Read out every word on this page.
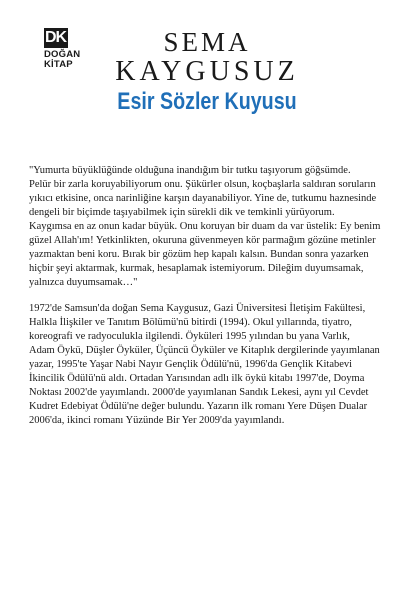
DK
DOĞAN
KİTAP
SEMA
KAYGUSUZ
Esir Sözler Kuyusu
"Yumurta büyüklüğünde olduğuna inandığım bir tutku taşıyorum göğsümde.
Pelür bir zarla koruyabiliyorum onu. Şükürler olsun, koçbaşlarla saldıran soruların
yıkıcı etkisine, onca narinliğine karşın dayanabiliyor. Yine de, tutkumu haznesinde
dengeli bir biçimde taşıyabilmek için sürekli dik ve temkinli yürüyorum.
Kaygımsa en az onun kadar büyük. Onu koruyan bir duam da var üstelik: Ey benim
güzel Allah'ım! Yetkinlikten, okuruna güvenmeyen kör parmağım gözüne metinler
yazmaktan beni koru. Bırak bir gözüm hep kapalı kalsın. Bundan sonra yazarken
hiçbir şeyi aktarmak, kurmak, hesaplamak istemiyorum. Dileğim duyumsamak,
yalnızca duyumsamak…"
1972'de Samsun'da doğan Sema Kaygusuz, Gazi Üniversitesi İletişim Fakültesi,
Halkla İlişkiler ve Tanıtım Bölümü'nü bitirdi (1994). Okul yıllarında, tiyatro,
koreografi ve radyoculukla ilgilendi. Öyküleri 1995 yılından bu yana Varlık,
Adam Öykü, Düşler Öyküler, Üçüncü Öyküler ve Kitaplık dergilerinde yayımlanan
yazar, 1995'te Yaşar Nabi Nayır Gençlik Ödülü'nü, 1996'da Gençlik Kitabevi
İkincilik Ödülü'nü aldı. Ortadan Yarısından adlı ilk öykü kitabı 1997'de, Doyma
Noktası 2002'de yayımlandı. 2000'de yayımlanan Sandık Lekesi, aynı yıl Cevdet
Kudret Edebiyat Ödülü'ne değer bulundu. Yazarın ilk romanı Yere Düşen Dualar
2006'da, ikinci romanı Yüzünde Bir Yer 2009'da yayımlandı.
